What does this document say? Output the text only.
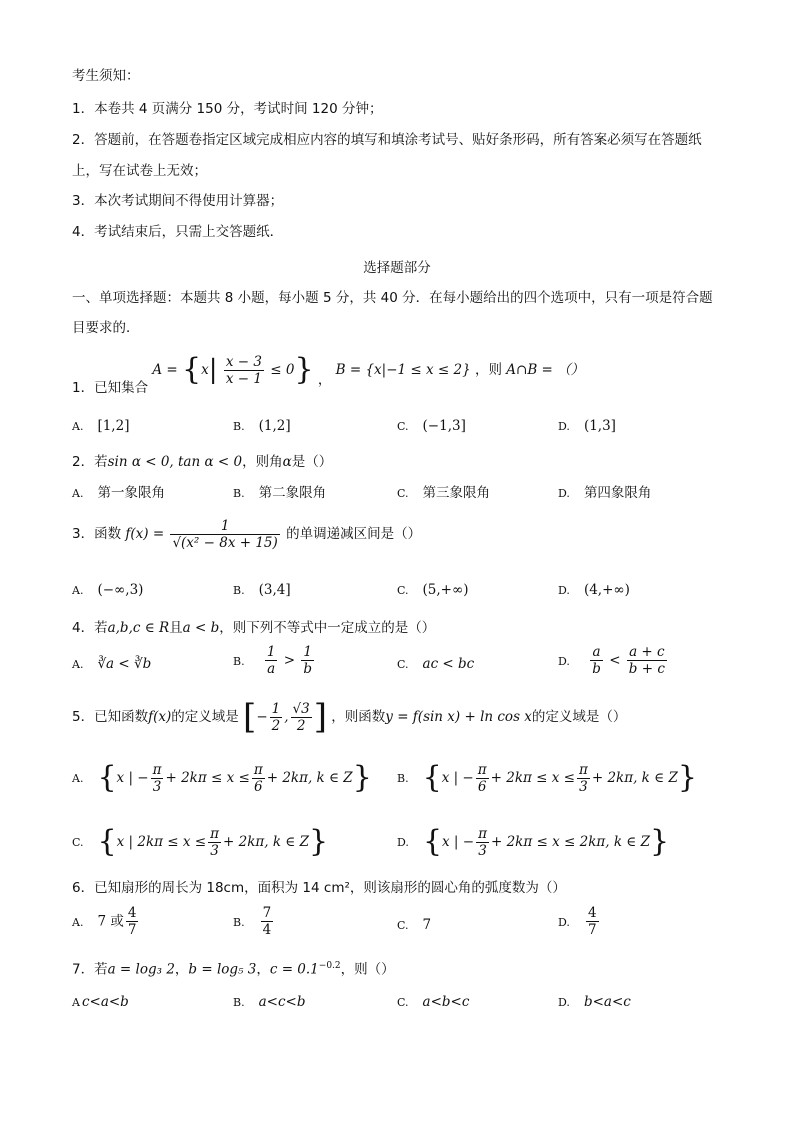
考生须知：
1．本卷共 4 页满分 150 分，考试时间 120 分钟；
2．答题前，在答题卷指定区域完成相应内容的填写和填涂考试号、贴好条形码，所有答案必须写在答题纸
上，写在试卷上无效；
3．本次考试期间不得使用计算器；
4．考试结束后，只需上交答题纸．
选择题部分
一、单项选择题：本题共 8 小题，每小题 5 分，共 40 分．在每小题给出的四个选项中，只有一项是符合题
目要求的．
1．已知集合 $A = \{x| \frac{x - 3}{x - 1} \le 0\}$ ， B = {x|−1 ≤ x ≤ 2} ，则 A∩B = （）
A. [1,2]	B. (1,2]	C. (−1,3]	D. (1,3]
2．若sin α < 0, tan α < 0，则角α是（）
A. 第一象限角	B. 第二象限角	C. 第三象限角	D. 第四象限角
3．函数 $f(x) = \frac{1}{\text{√(x² − 8x + 15)}}$ 的单调递减区间是（）
A. (−∞,3)	B. (3,4]	C. (5,+∞)	D. (4,+∞)
4．若a,b,c ∈ R且a < b，则下列不等式中一定成立的是（）
A. ∛a < ∛b	B. $\frac{1}{a} > \frac{1}{b}$	C. ac < bc	D. $\frac{a}{b} < \frac{a + c}{b + c}$
5．已知函数f(x)的定义域是 [− $\frac{1}{2}$ , $\frac{√3}{2}$ ] ，则函数y = f(sin x) + ln cos x的定义域是（）
A. {x | − $\frac{\pi}{3} + 2k\pi \le x \le \frac{\pi}{6} + 2k\pi$, k ∈ Z} B. {x | − $\frac{\pi}{6} + 2k\pi \le x \le \frac{\pi}{3} + 2k\pi$, k ∈ Z}
C. {x | $2k\pi \le x \le \frac{\pi}{3} + 2k\pi$, k ∈ Z}	D. {x | − $\frac{\pi}{3} + 2k\pi \le x \le 2k\pi$, k ∈ Z}
6．已知扇形的周长为 18cm，面积为 14 cm²，则该扇形的圆心角的弧度数为（）
A. 7 或 $\frac{4}{7}$	B. $\frac{7}{4}$	C. 7	D. $\frac{4}{7}$
7．若a = log₃ 2，b = log₅ 3，$c = 0.1^{-0.2}$，则（）
A c<a<b	B. a<c<b	C. a<b<c	D. b<a<c
